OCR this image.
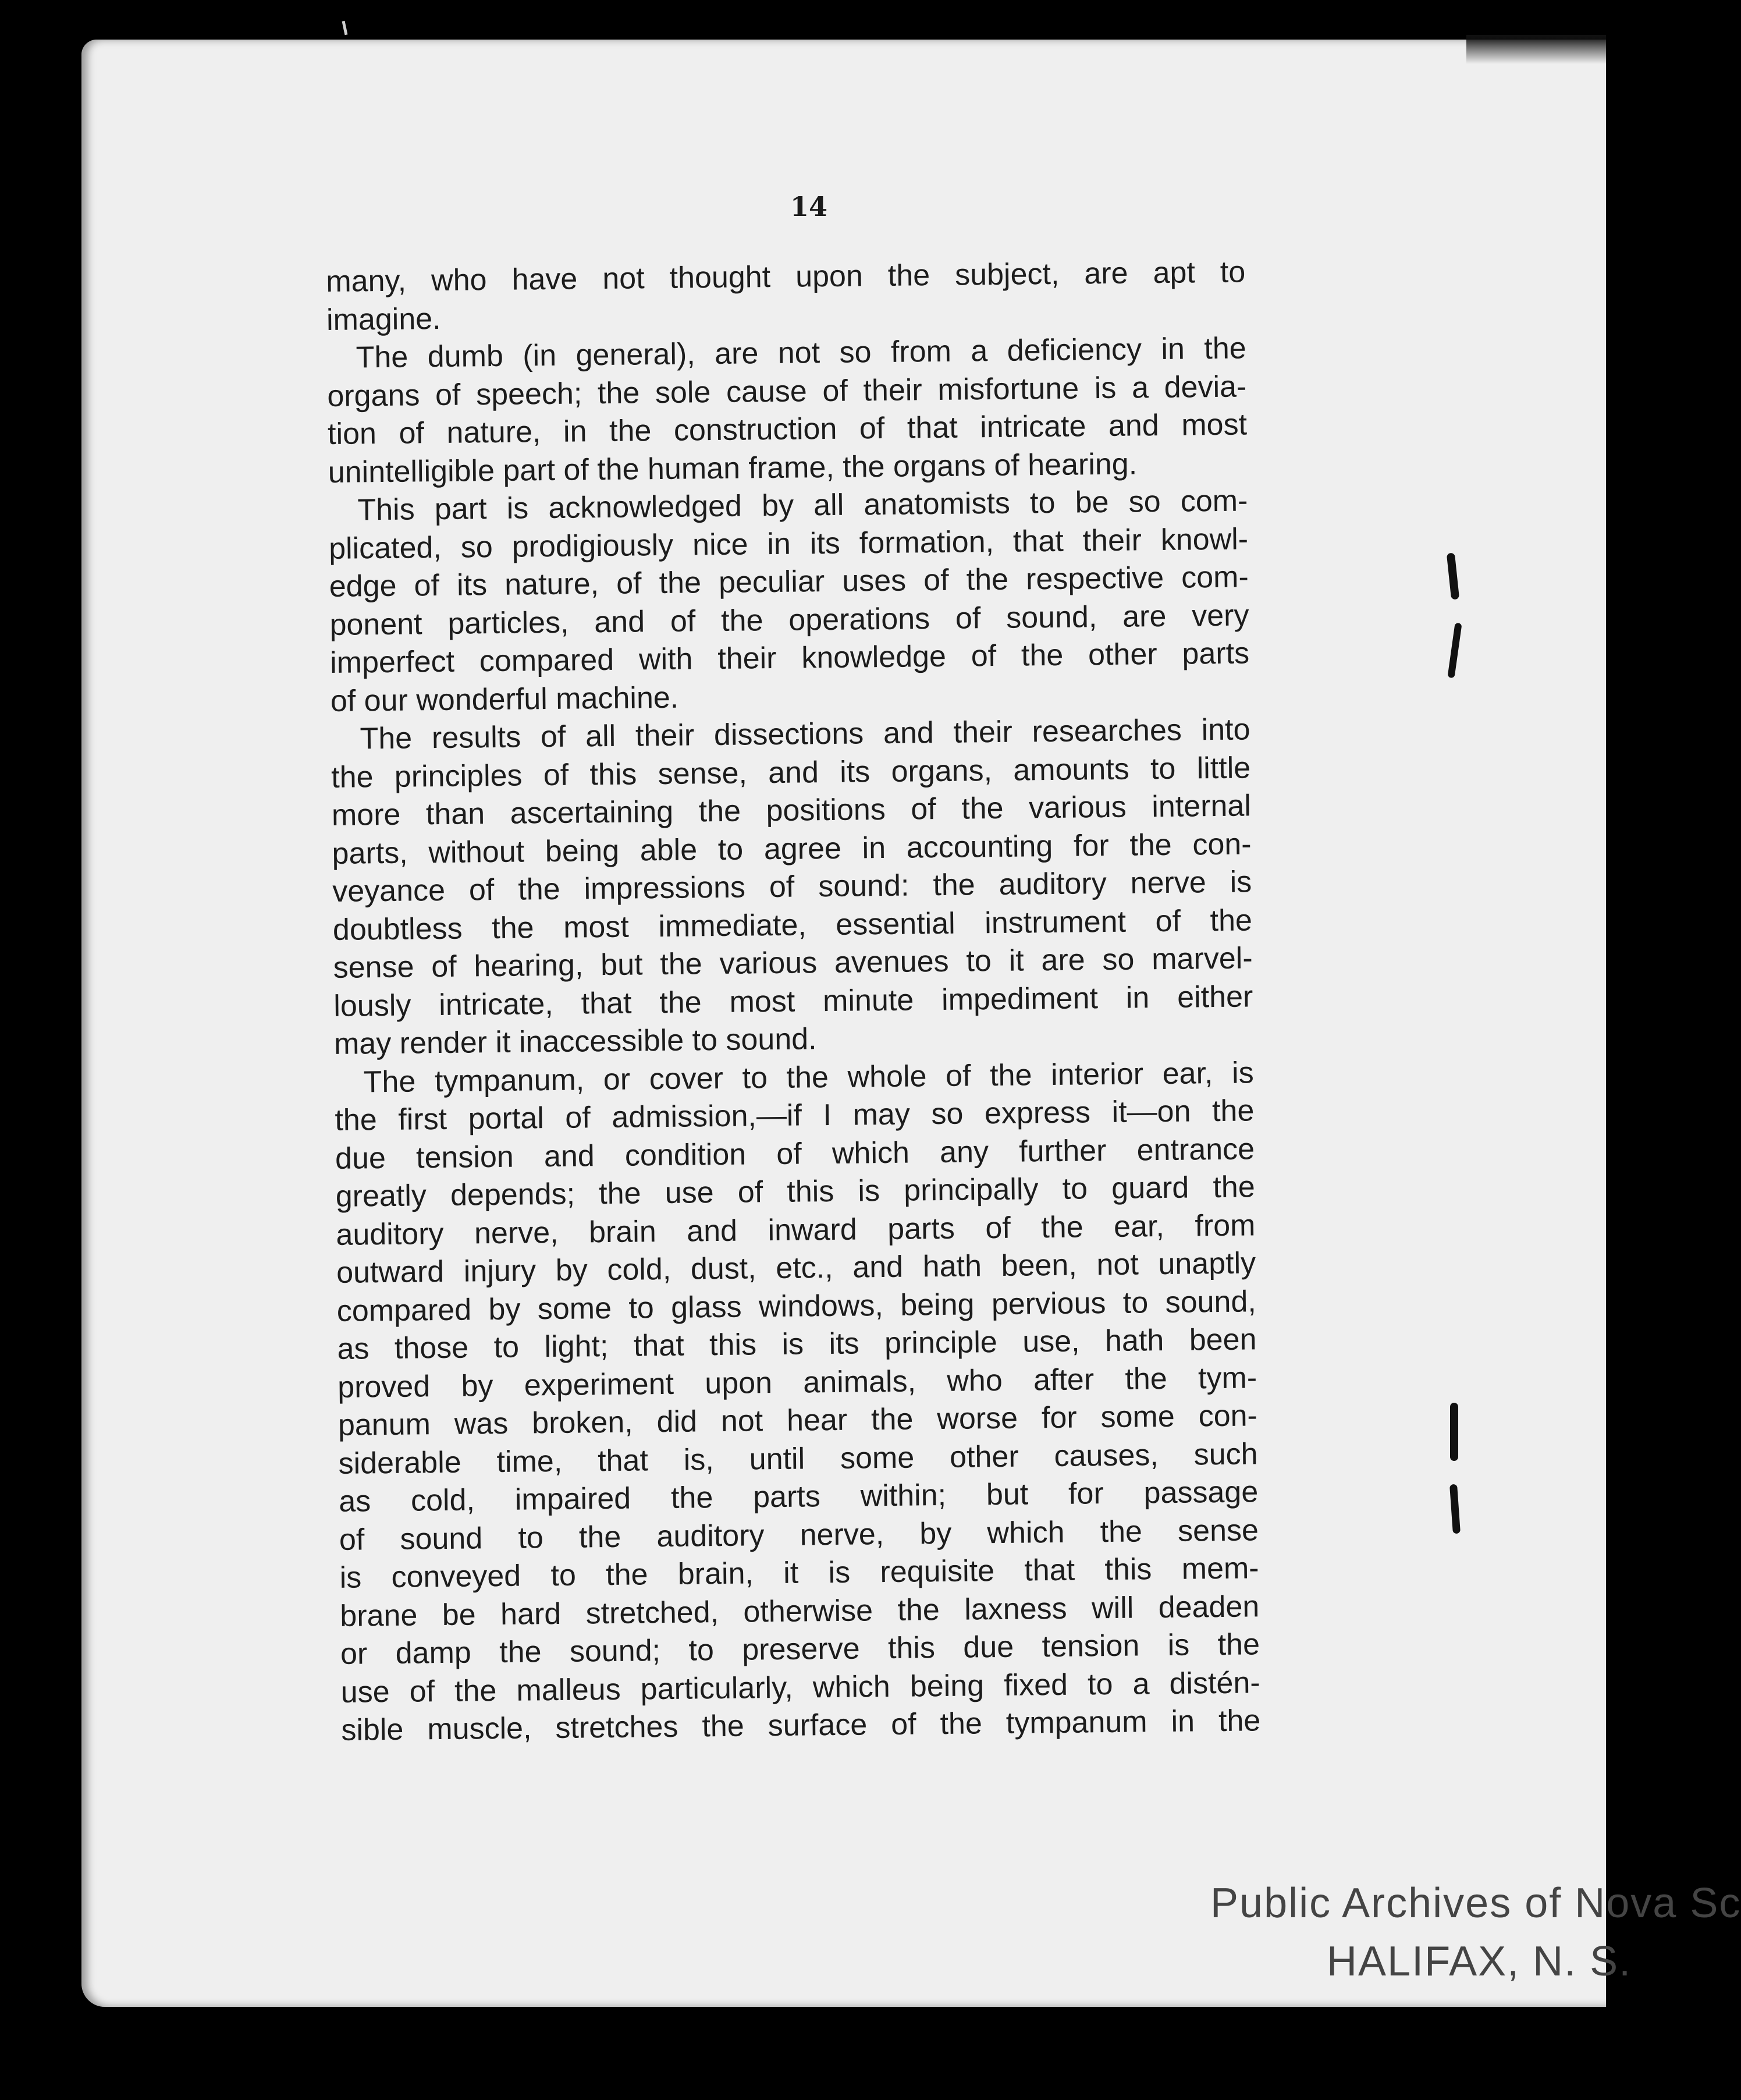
14
many, who have not thought upon the subject, are apt to
imagine.
The dumb (in general), are not so from a deficiency in the
organs of speech; the sole cause of their misfortune is a devia-
tion of nature, in the construction of that intricate and most
unintelligible part of the human frame, the organs of hearing.
This part is acknowledged by all anatomists to be so com-
plicated, so prodigiously nice in its formation, that their knowl-
edge of its nature, of the peculiar uses of the respective com-
ponent particles, and of the operations of sound, are very
imperfect compared with their knowledge of the other parts
of our wonderful machine.
The results of all their dissections and their researches into
the principles of this sense, and its organs, amounts to little
more than ascertaining the positions of the various internal
parts, without being able to agree in accounting for the con-
veyance of the impressions of sound: the auditory nerve is
doubtless the most immediate, essential instrument of the
sense of hearing, but the various avenues to it are so marvel-
lously intricate, that the most minute impediment in either
may render it inaccessible to sound.
The tympanum, or cover to the whole of the interior ear, is
the first portal of admission,—if I may so express it—on the
due tension and condition of which any further entrance
greatly depends; the use of this is principally to guard the
auditory nerve, brain and inward parts of the ear, from
outward injury by cold, dust, etc., and hath been, not unaptly
compared by some to glass windows, being pervious to sound,
as those to light; that this is its principle use, hath been
proved by experiment upon animals, who after the tym-
panum was broken, did not hear the worse for some con-
siderable time, that is, until some other causes, such
as cold, impaired the parts within; but for passage
of sound to the auditory nerve, by which the sense
is conveyed to the brain, it is requisite that this mem-
brane be hard stretched, otherwise the laxness will deaden
or damp the sound; to preserve this due tension is the
use of the malleus particularly, which being fixed to a distén-
sible muscle, stretches the surface of the tympanum in the
Public Archives of Nova Sc
HALIFAX, N. S.
